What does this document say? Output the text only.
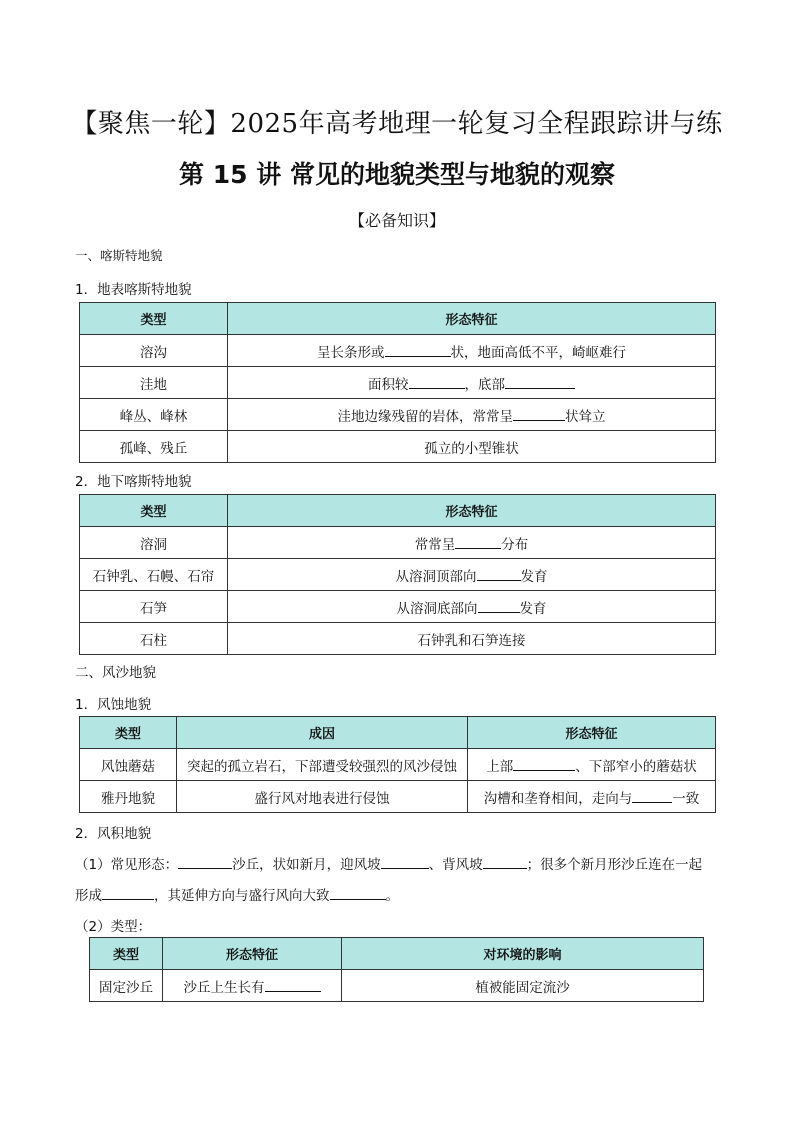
【聚焦一轮】2025年高考地理一轮复习全程跟踪讲与练
第 15 讲 常见的地貌类型与地貌的观察
【必备知识】
一、喀斯特地貌
1．地表喀斯特地貌
类型	形态特征
溶沟	呈长条形或 状，地面高低不平，崎岖难行
洼地	面积较 ，底部
峰丛、峰林	洼地边缘残留的岩体，常常呈 状耸立
孤峰、残丘	孤立的小型锥状
2．地下喀斯特地貌
类型	形态特征
溶洞	常常呈 分布
石钟乳、石幔、石帘	从溶洞顶部向 发育
石笋	从溶洞底部向 发育
石柱	石钟乳和石笋连接
二、风沙地貌
1．风蚀地貌
类型	成因	形态特征
风蚀蘑菇	突起的孤立岩石，下部遭受较强烈的风沙侵蚀	上部 、下部窄小的蘑菇状
雅丹地貌	盛行风对地表进行侵蚀	沟槽和垄脊相间，走向与 一致
2．风积地貌
（1）常见形态：	沙丘，状如新月，迎风坡	、背风坡	；很多个新月形沙丘连在一起
形成	，其延伸方向与盛行风向大致	。
（2）类型：
类型	形态特征	对环境的影响
固定沙丘	沙丘上生长有	植被能固定流沙
